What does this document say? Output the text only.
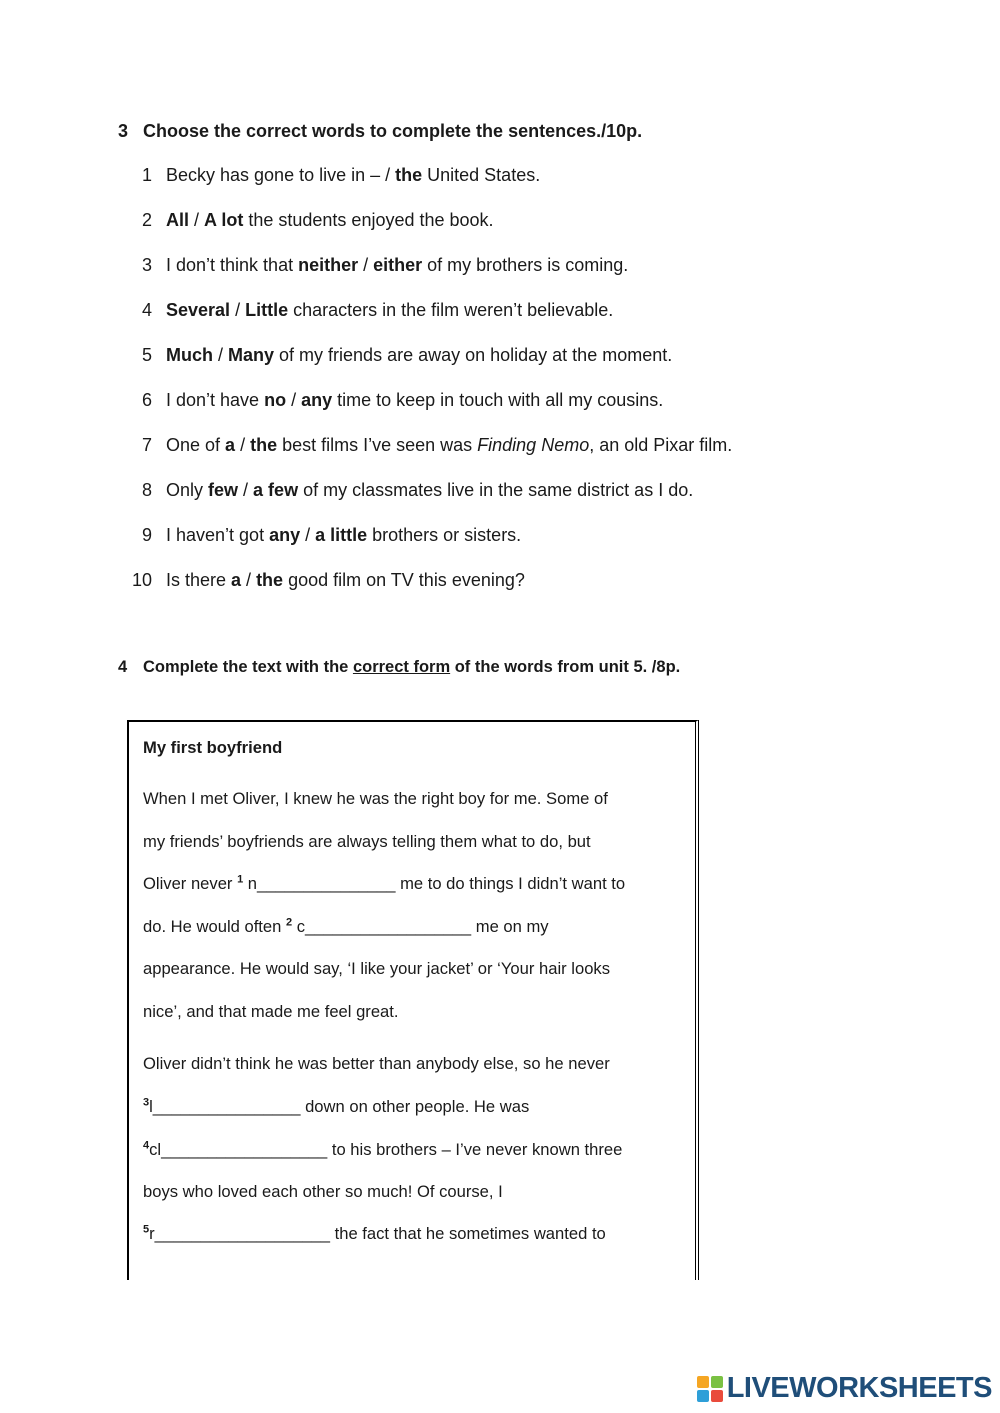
3 Choose the correct words to complete the sentences./10p.
1 Becky has gone to live in – / the United States.
2 All / A lot the students enjoyed the book.
3 I don’t think that neither / either of my brothers is coming.
4 Several / Little characters in the film weren’t believable.
5 Much / Many of my friends are away on holiday at the moment.
6 I don’t have no / any time to keep in touch with all my cousins.
7 One of a / the best films I’ve seen was Finding Nemo, an old Pixar film.
8 Only few / a few of my classmates live in the same district as I do.
9 I haven’t got any / a little brothers or sisters.
10 Is there a / the good film on TV this evening?
4 Complete the text with the correct form of the words from unit 5. /8p.
My first boyfriend
When I met Oliver, I knew he was the right boy for me. Some of
my friends’ boyfriends are always telling them what to do, but
Oliver never $^1$ n_______________ me to do things I didn’t want to
do. He would often $^2$ c__________________ me on my
appearance. He would say, ‘I like your jacket’ or ‘Your hair looks
nice’, and that made me feel great.
Oliver didn’t think he was better than anybody else, so he never
$^3$l________________ down on other people. He was
$^4$cl__________________ to his brothers – I’ve never known three
boys who loved each other so much! Of course, I
$^5$r___________________ the fact that he sometimes wanted to
LIVEWORKSHEETS
